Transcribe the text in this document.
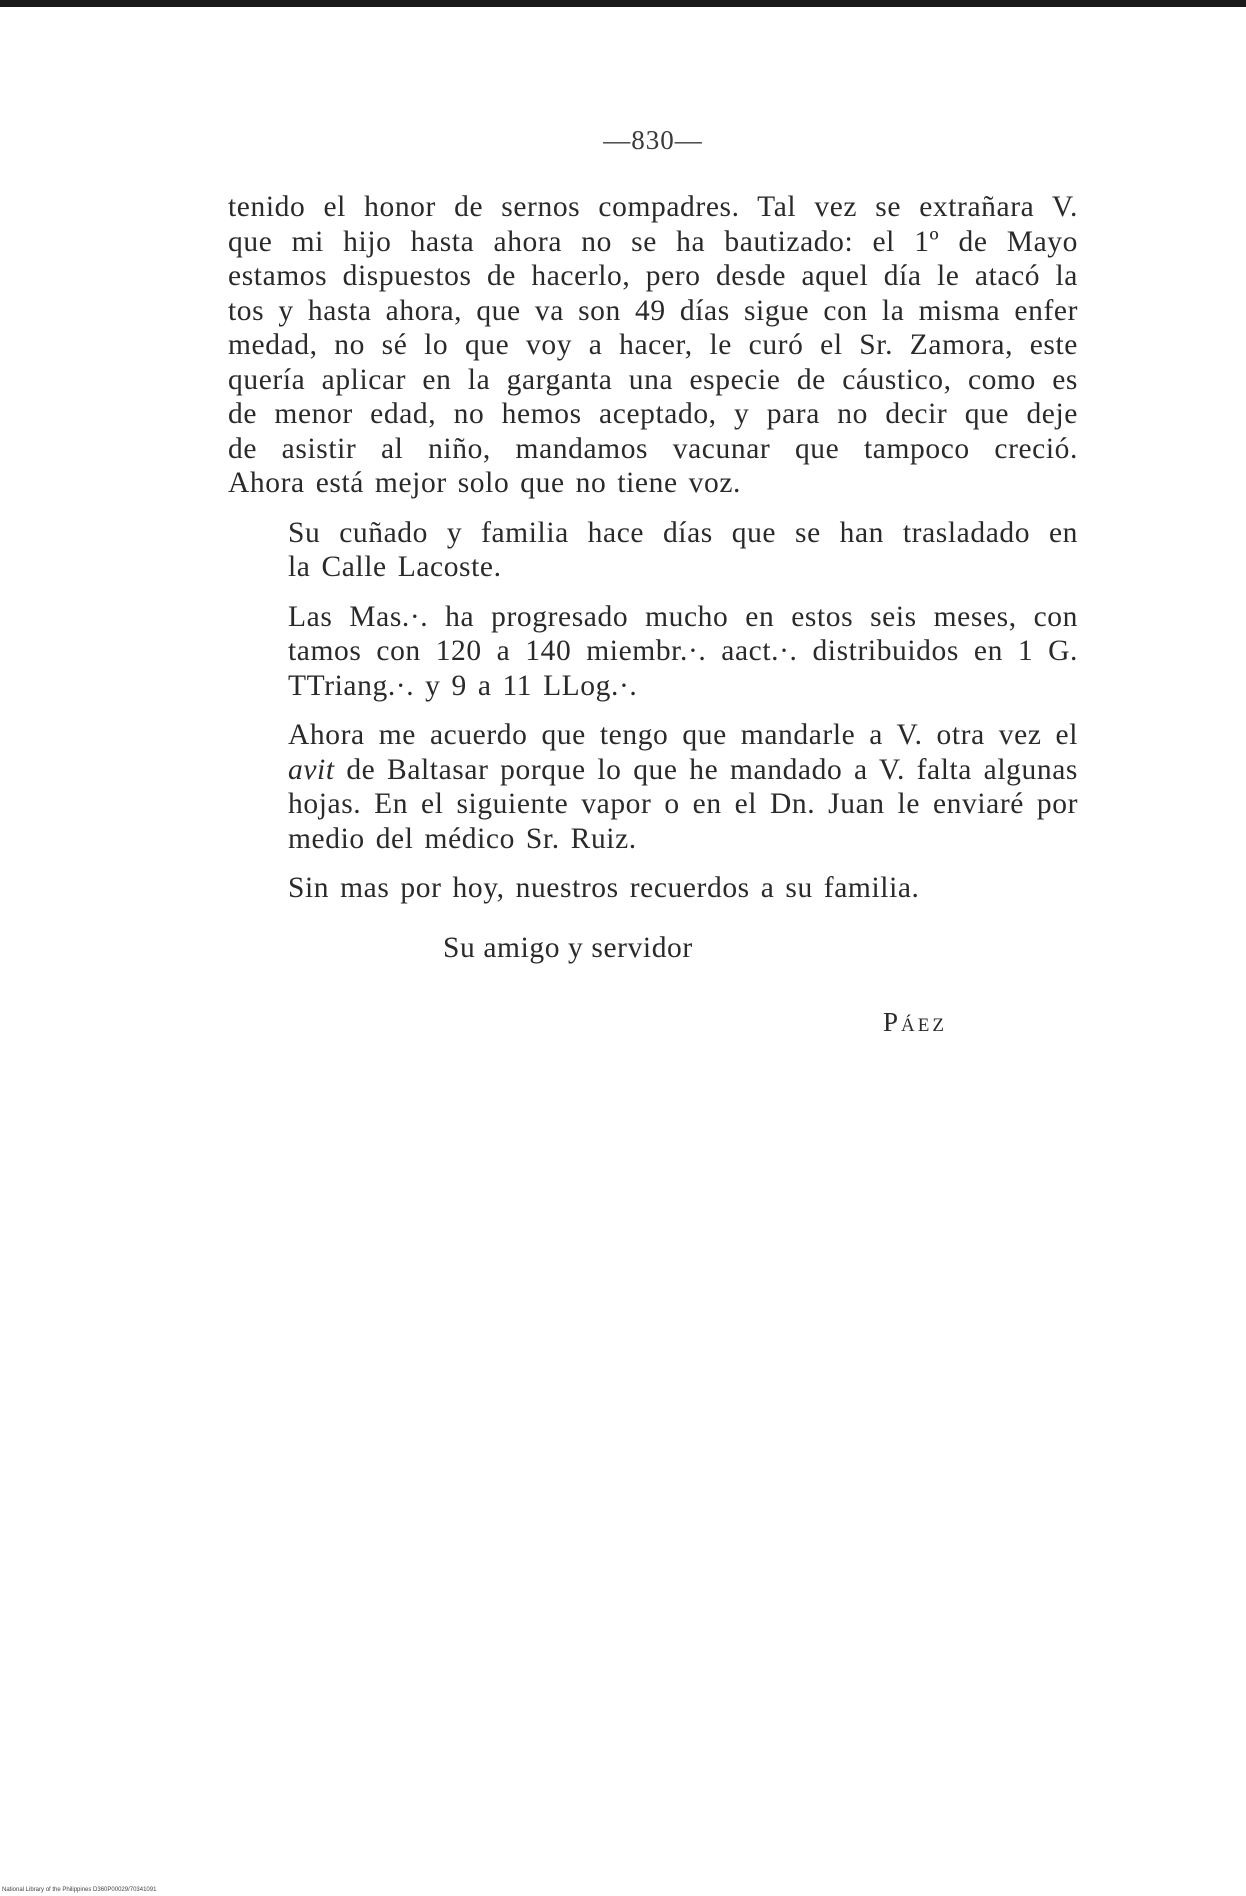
—830—

tenido el honor de sernos compadres. Tal vez se extrañara V.
que mi hijo hasta ahora no se ha bautizado: el 1º de Mayo
estamos dispuestos de hacerlo, pero desde aquel día le atacó la
tos y hasta ahora, que va son 49 días sigue con la misma enfer
medad, no sé lo que voy a hacer, le curó el Sr. Zamora, este
quería aplicar en la garganta una especie de cáustico, como es
de menor edad, no hemos aceptado, y para no decir que deje
de asistir al niño, mandamos vacunar que tampoco creció.
Ahora está mejor solo que no tiene voz.

Su cuñado y familia hace días que se han trasladado en
la Calle Lacoste.

Las Mas.·. ha progresado mucho en estos seis meses, con
tamos con 120 a 140 miembr.·. aact.·. distribuidos en 1 G.
TTriang.·. y 9 a 11 LLog.·.

Ahora me acuerdo que tengo que mandarle a V. otra vez el
avit de Baltasar porque lo que he mandado a V. falta algunas
hojas. En el siguiente vapor o en el Dn. Juan le enviaré por
medio del médico Sr. Ruiz.

Sin mas por hoy, nuestros recuerdos a su familia.

Su amigo y servidor
Páez
National Library of the Philippines D360P00029/70341091
